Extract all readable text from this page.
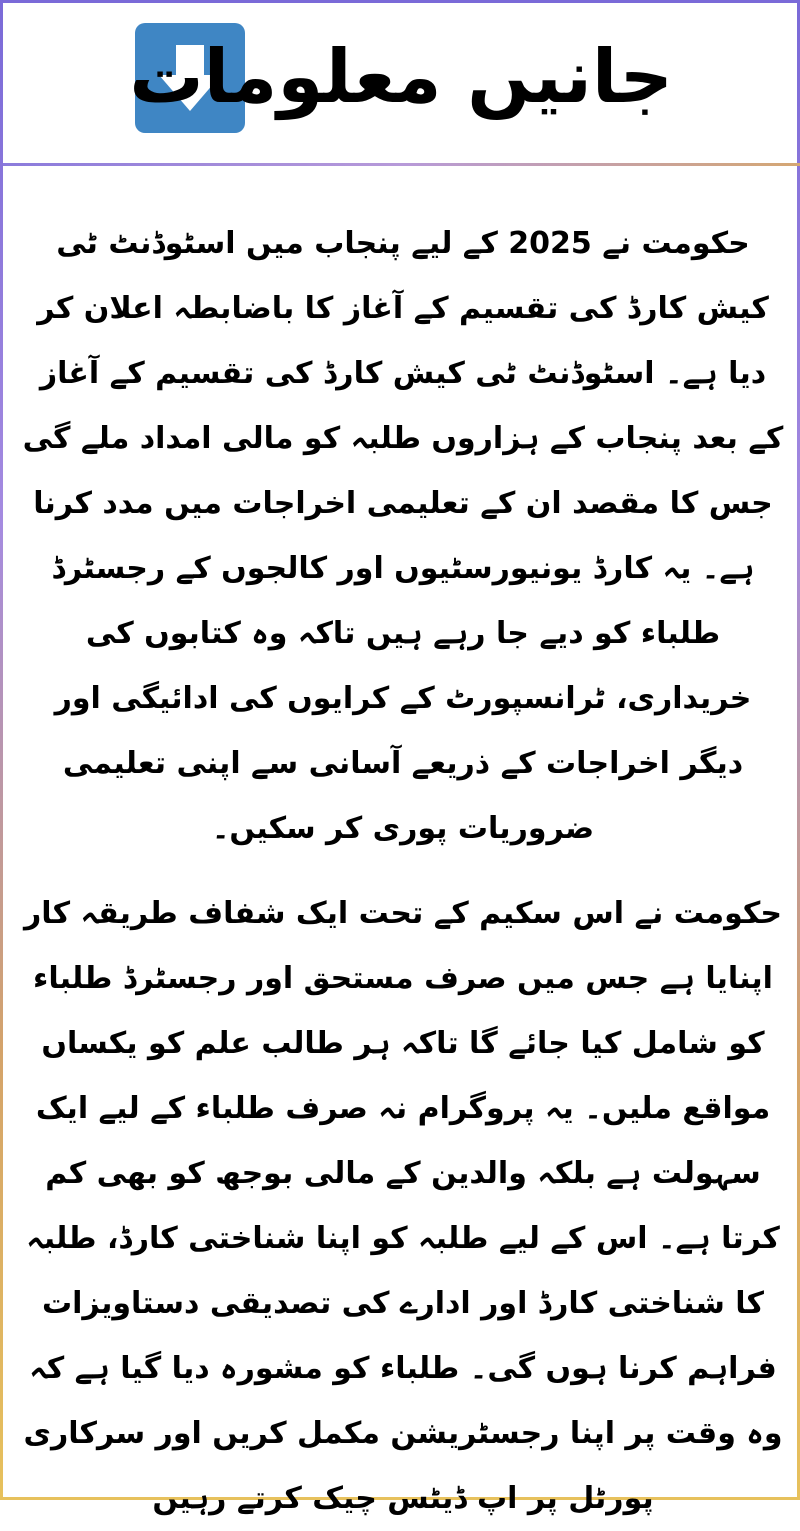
جانیں معلومات

حکومت نے 2025 کے لیے پنجاب میں اسٹوڈنٹ ٹی کیش کارڈ کی تقسیم کے آغاز کا باضابطہ اعلان کر دیا ہے۔ اسٹوڈنٹ ٹی کیش کارڈ کی تقسیم کے آغاز کے بعد پنجاب کے ہزاروں طلبہ کو مالی امداد ملے گی جس کا مقصد ان کے تعلیمی اخراجات میں مدد کرنا ہے۔ یہ کارڈ یونیورسٹیوں اور کالجوں کے رجسٹرڈ طلباء کو دیے جا رہے ہیں تاکہ وہ کتابوں کی خریداری، ٹرانسپورٹ کے کرایوں کی ادائیگی اور دیگر اخراجات کے ذریعے آسانی سے اپنی تعلیمی ضروریات پوری کر سکیں۔

حکومت نے اس سکیم کے تحت ایک شفاف طریقہ کار اپنایا ہے جس میں صرف مستحق اور رجسٹرڈ طلباء کو شامل کیا جائے گا تاکہ ہر طالب علم کو یکساں مواقع ملیں۔ یہ پروگرام نہ صرف طلباء کے لیے ایک سہولت ہے بلکہ والدین کے مالی بوجھ کو بھی کم کرتا ہے۔ اس کے لیے طلبہ کو اپنا شناختی کارڈ، طلبہ کا شناختی کارڈ اور ادارے کی تصدیقی دستاویزات فراہم کرنا ہوں گی۔ طلباء کو مشورہ دیا گیا ہے کہ وہ وقت پر اپنا رجسٹریشن مکمل کریں اور سرکاری پورٹل پر اپ ڈیٹس چیک کرتے رہیں
